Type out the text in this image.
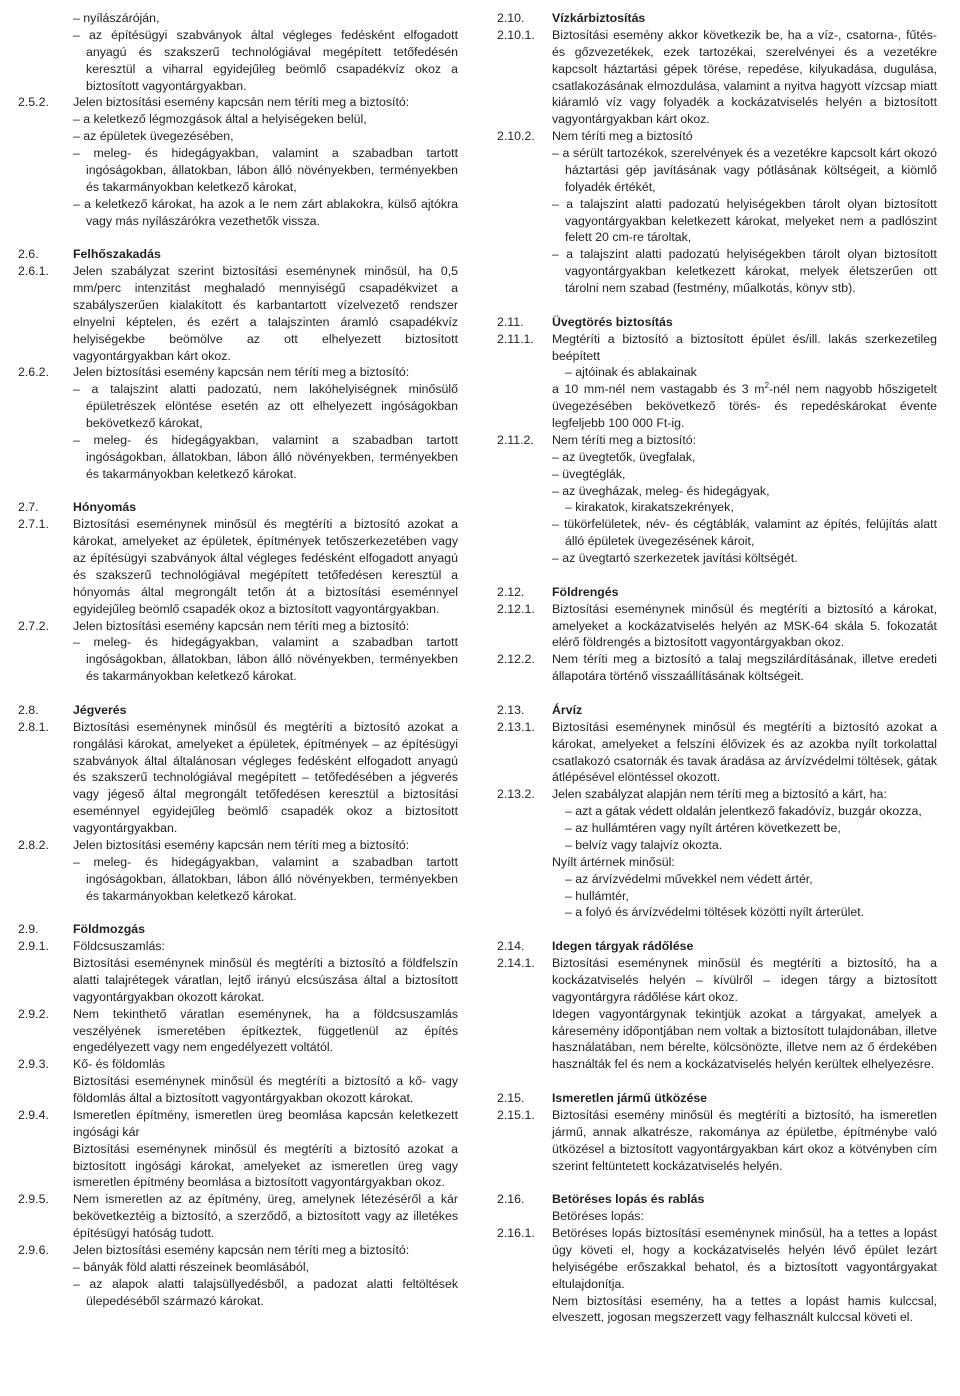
– nyílászáróján,

– az építésügyi szabványok által végleges fedésként elfogadott anyagú és szakszerű technológiával megépített tetőfedésén keresztül a viharral egyidejűleg beömlő csapadékvíz okoz a biztosított vagyontárgyakban.

2.5.2.	Jelen biztosítási esemény kapcsán nem téríti meg a biztosító:

– a keletkező légmozgások által a helyiségeken belül,

– az épületek üvegezésében,

– meleg- és hidegágyakban, valamint a szabadban tartott ingóságokban, állatokban, lábon álló növényekben, terményekben és takarmányokban keletkező károkat,

– a keletkező károkat, ha azok a le nem zárt ablakokra, külső ajtókra vagy más nyílászárókra vezethetők vissza.

2.6.	Felhőszakadás
2.6.1.	Jelen szabályzat szerint biztosítási eseménynek minősül, ha 0,5 mm/perc intenzitást meghaladó mennyiségű csapadékvizet a szabályszerűen kialakított és karbantartott vízelvezető rendszer elnyelni képtelen, és ezért a talajszinten áramló csapadékvíz helyiségekbe beömölve az ott elhelyezett biztosított vagyontárgyakban kárt okoz.

2.6.2.	Jelen biztosítási esemény kapcsán nem téríti meg a biztosító:

– a talajszint alatti padozatú, nem lakóhelyiségnek minősülő épületrészek elöntése esetén az ott elhelyezett ingóságokban bekövetkező károkat,

– meleg- és hidegágyakban, valamint a szabadban tartott ingóságokban, állatokban, lábon álló növényekben, terményekben és takarmányokban keletkező károkat.

2.7.	Hónyomás
2.7.1.	Biztosítási eseménynek minősül és megtéríti a biztosító azokat a károkat, amelyeket az épületek, építmények tetőszerkezetében vagy az építésügyi szabványok által végleges fedésként elfogadott anyagú és szakszerű technológiával megépített tetőfedésen keresztül a hónyomás által megrongált tetőn át a biztosítási eseménnyel egyidejűleg beömlő csapadék okoz a biztosított vagyontárgyakban.

2.7.2.	Jelen biztosítási esemény kapcsán nem téríti meg a biztosító:

– meleg- és hidegágyakban, valamint a szabadban tartott ingóságokban, állatokban, lábon álló növényekben, terményekben és takarmányokban keletkező károkat.

2.8.	Jégverés
2.8.1.	Biztosítási eseménynek minősül és megtéríti a biztosító azokat a rongálási károkat, amelyeket a épületek, építmények – az építésügyi szabványok által általánosan végleges fedésként elfogadott anyagú és szakszerű technológiával megépített – tetőfedésében a jégverés vagy jégeső által megrongált tetőfedésen keresztül a biztosítási eseménnyel egyidejűleg beömlő csapadék okoz a biztosított vagyontárgyakban.

2.8.2.	Jelen biztosítási esemény kapcsán nem téríti meg a biztosító:

– meleg- és hidegágyakban, valamint a szabadban tartott ingóságokban, állatokban, lábon álló növényekben, terményekben és takarmányokban keletkező károkat.

2.9.	Földmozgás
2.9.1.	Földcsuszamlás:

Biztosítási eseménynek minősül és megtéríti a biztosító a földfelszín alatti talajrétegek váratlan, lejtő irányú elcsúszása által a biztosított vagyontárgyakban okozott károkat.

2.9.2.	Nem tekinthető váratlan eseménynek, ha a földcsuszamlás veszélyének ismeretében építkeztek, függetlenül az építés engedélyezett vagy nem engedélyezett voltától.

2.9.3.	Kő- és földomlás

Biztosítási eseménynek minősül és megtéríti a biztosító a kő- vagy földomlás által a biztosított vagyontárgyakban okozott károkat.

2.9.4.	Ismeretlen építmény, ismeretlen üreg beomlása kapcsán keletkezett ingósági kár

Biztosítási eseménynek minősül és megtéríti a biztosító azokat a biztosított ingósági károkat, amelyeket az ismeretlen üreg vagy ismeretlen építmény beomlása a biztosított vagyontárgyakban okoz.

2.9.5.	Nem ismeretlen az az építmény, üreg, amelynek létezéséről a kár bekövetkeztéig a biztosító, a szerződő, a biztosított vagy az illetékes építésügyi hatóság tudott.

2.9.6.	Jelen biztosítási esemény kapcsán nem téríti meg a biztosító:

– bányák föld alatti részeinek beomlásából,

– az alapok alatti talajsüllyedésből, a padozat alatti feltöltések ülepedéséből származó károkat.

2.10.	Vízkárbiztosítás
2.10.1.	Biztosítási esemény akkor következik be, ha a víz-, csatorna-, fűtés- és gőzvezetékek, ezek tartozékai, szerelvényei és a vezetékre kapcsolt háztartási gépek törése, repedése, kilyukadása, dugulása, csatlakozásának elmozdulása, valamint a nyitva hagyott vízcsap miatt kiáramló víz vagy folyadék a kockázatviselés helyén a biztosított vagyontárgyakban kárt okoz.

2.10.2.	Nem téríti meg a biztosító

– a sérült tartozékok, szerelvények és a vezetékre kapcsolt kárt okozó háztartási gép javításának vagy pótlásának költségeit, a kiömlő folyadék értékét,

– a talajszint alatti padozatú helyiségekben tárolt olyan biztosított vagyontárgyakban keletkezett károkat, melyeket nem a padlószint felett 20 cm-re tároltak,

– a talajszint alatti padozatú helyiségekben tárolt olyan biztosított vagyontárgyakban keletkezett károkat, melyek életszerűen ott tárolni nem szabad (festmény, műalkotás, könyv stb).

2.11.	Üvegtörés biztosítás
2.11.1.	Megtéríti a biztosító a biztosított épület és/ill. lakás szerkezetileg beépített

– ajtóinak és ablakainak

a 10 mm-nél nem vastagabb és 3 $m^2$-nél nem nagyobb hőszigetelt üvegezésében bekövetkező törés- és repedéskárokat évente legfeljebb 100 000 Ft-ig.

2.11.2.	Nem téríti meg a biztosító:

– az üvegtetők, üvegfalak,

– üvegtéglák,

– az üvegházak, meleg- és hidegágyak,

– kirakatok, kirakatszekrények,

– tükörfelületek, név- és cégtáblák, valamint az építés, felújítás alatt álló épületek üvegezésének károit,

– az üvegtartó szerkezetek javítási költségét.

2.12.	Földrengés
2.12.1.	Biztosítási eseménynek minősül és megtéríti a biztosító a károkat, amelyeket a kockázatviselés helyén az MSK-64 skála 5. fokozatát elérő földrengés a biztosított vagyontárgyakban okoz.

2.12.2.	Nem téríti meg a biztosító a talaj megszilárdításának, illetve eredeti állapotára történő visszaállításának költségeit.

2.13.	Árvíz
2.13.1.	Biztosítási eseménynek minősül és megtéríti a biztosító azokat a károkat, amelyeket a felszíni élővizek és az azokba nyílt torkolattal csatlakozó csatornák és tavak áradása az árvízvédelmi töltések, gátak átlépésével elöntéssel okozott.

2.13.2.	Jelen szabályzat alapján nem téríti meg a biztosító a kárt, ha:

– azt a gátak védett oldalán jelentkező fakadóvíz, buzgár okozza,

– az hullámtéren vagy nyílt ártéren következett be,

– belvíz vagy talajvíz okozta.

Nyílt ártérnek minősül:

– az árvízvédelmi művekkel nem védett ártér,

– hullámtér,

– a folyó és árvízvédelmi töltések közötti nyílt árterület.

2.14.	Idegen tárgyak rádőlése
2.14.1.	Biztosítási eseménynek minősül és megtéríti a biztosító, ha a kockázatviselés helyén – kívülről – idegen tárgy a biztosított vagyontárgyra rádőlése kárt okoz.

Idegen vagyontárgynak tekintjük azokat a tárgyakat, amelyek a káresemény időpontjában nem voltak a biztosított tulajdonában, illetve használatában, nem bérelte, kölcsönözte, illetve nem az ő érdekében használták fel és nem a kockázatviselés helyén kerültek elhelyezésre.

2.15.	Ismeretlen jármű ütközése
2.15.1.	Biztosítási esemény minősül és megtéríti a biztosító, ha ismeretlen jármű, annak alkatrésze, rakománya az épületbe, építménybe való ütközésel a biztosított vagyontárgyakban kárt okoz a kötvényben cím szerint feltüntetett kockázatviselés helyén.

2.16.	Betöréses lopás és rablás

Betöréses lopás:

2.16.1.	Betöréses lopás biztosítási eseménynek minősül, ha a tettes a lopást úgy követi el, hogy a kockázatviselés helyén lévő épület lezárt helyiségébe erőszakkal behatol, és a biztosított vagyontárgyakat eltulajdonítja.

Nem biztosítási esemény, ha a tettes a lopást hamis kulccsal, elveszett, jogosan megszerzett vagy felhasznált kulccsal követi el.
